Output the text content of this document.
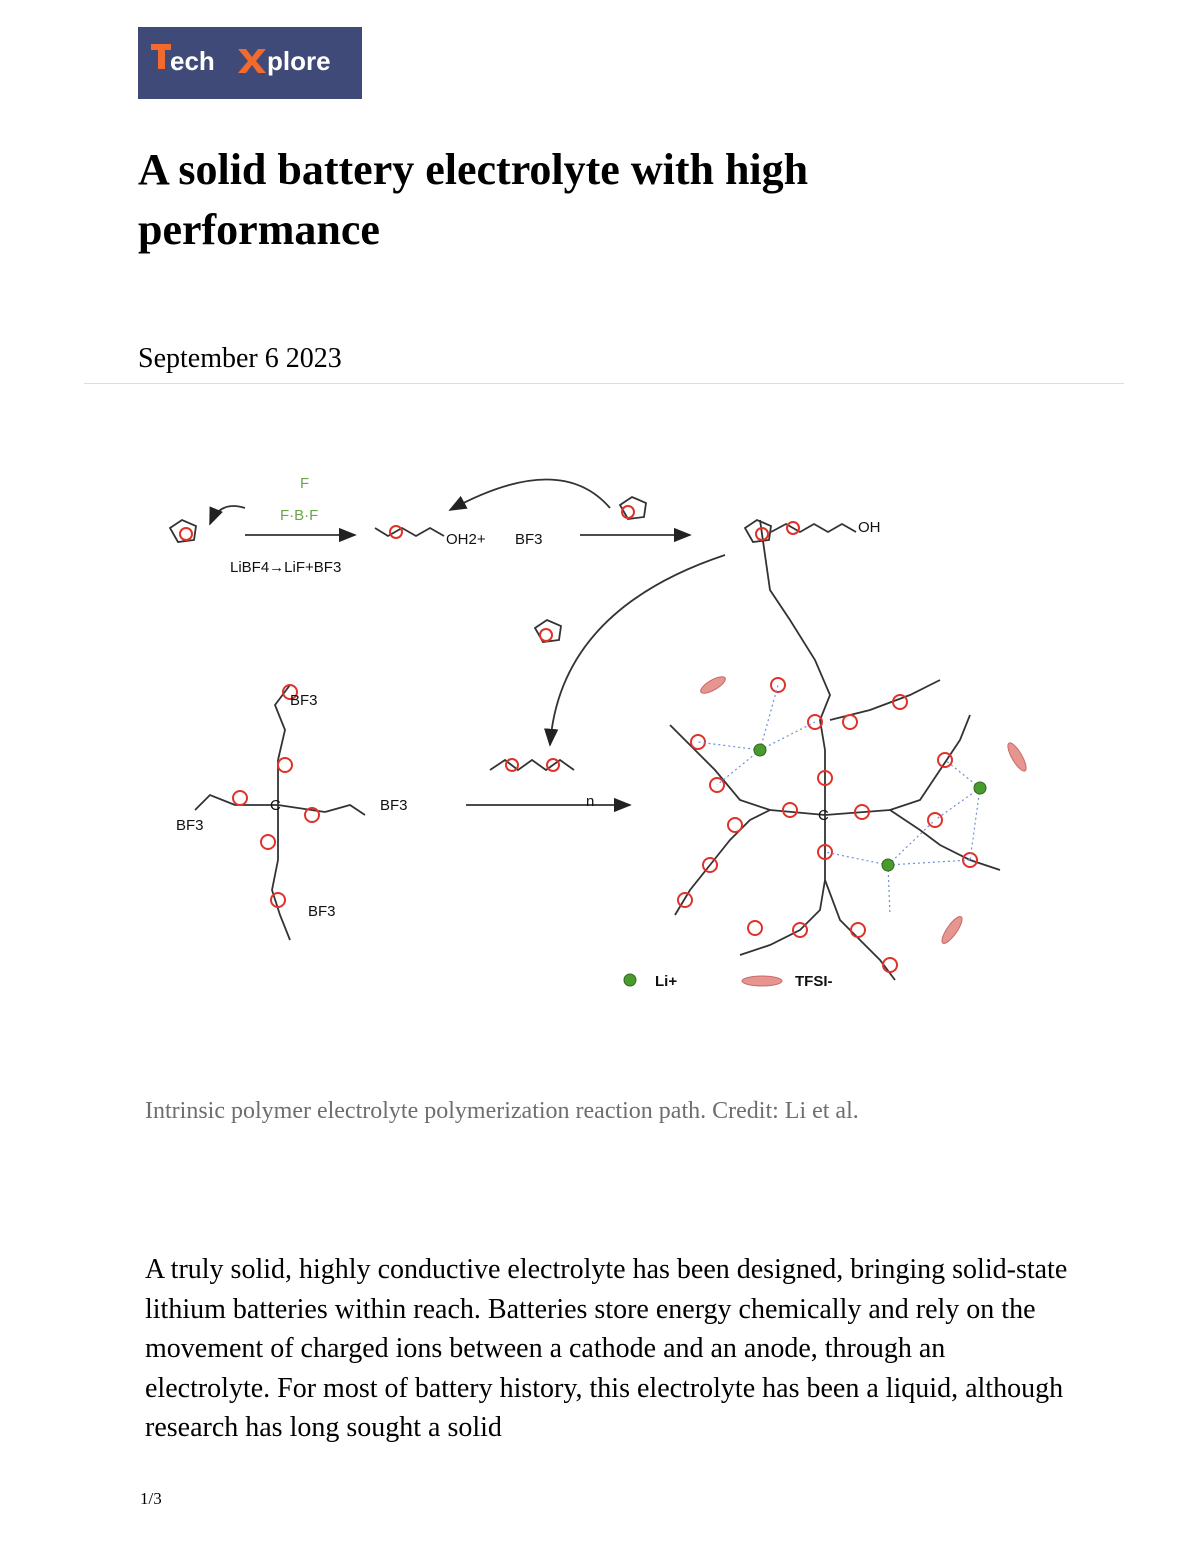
ech plore
A solid battery electrolyte with high performance
September 6 2023
F
F·B·F
LiBF4→LiF+BF3
OH2+ BF3
OH
C
C
BF3
BF3
BF3
BF3
n
Li+	TFSI-
Intrinsic polymer electrolyte polymerization reaction path. Credit: Li et al.

A truly solid, highly conductive electrolyte has been designed, bringing solid-state lithium batteries within reach. Batteries store energy chemically and rely on the movement of charged ions between a cathode and an anode, through an electrolyte. For most of battery history, this electrolyte has been a liquid, although research has long sought a solid

1/3
